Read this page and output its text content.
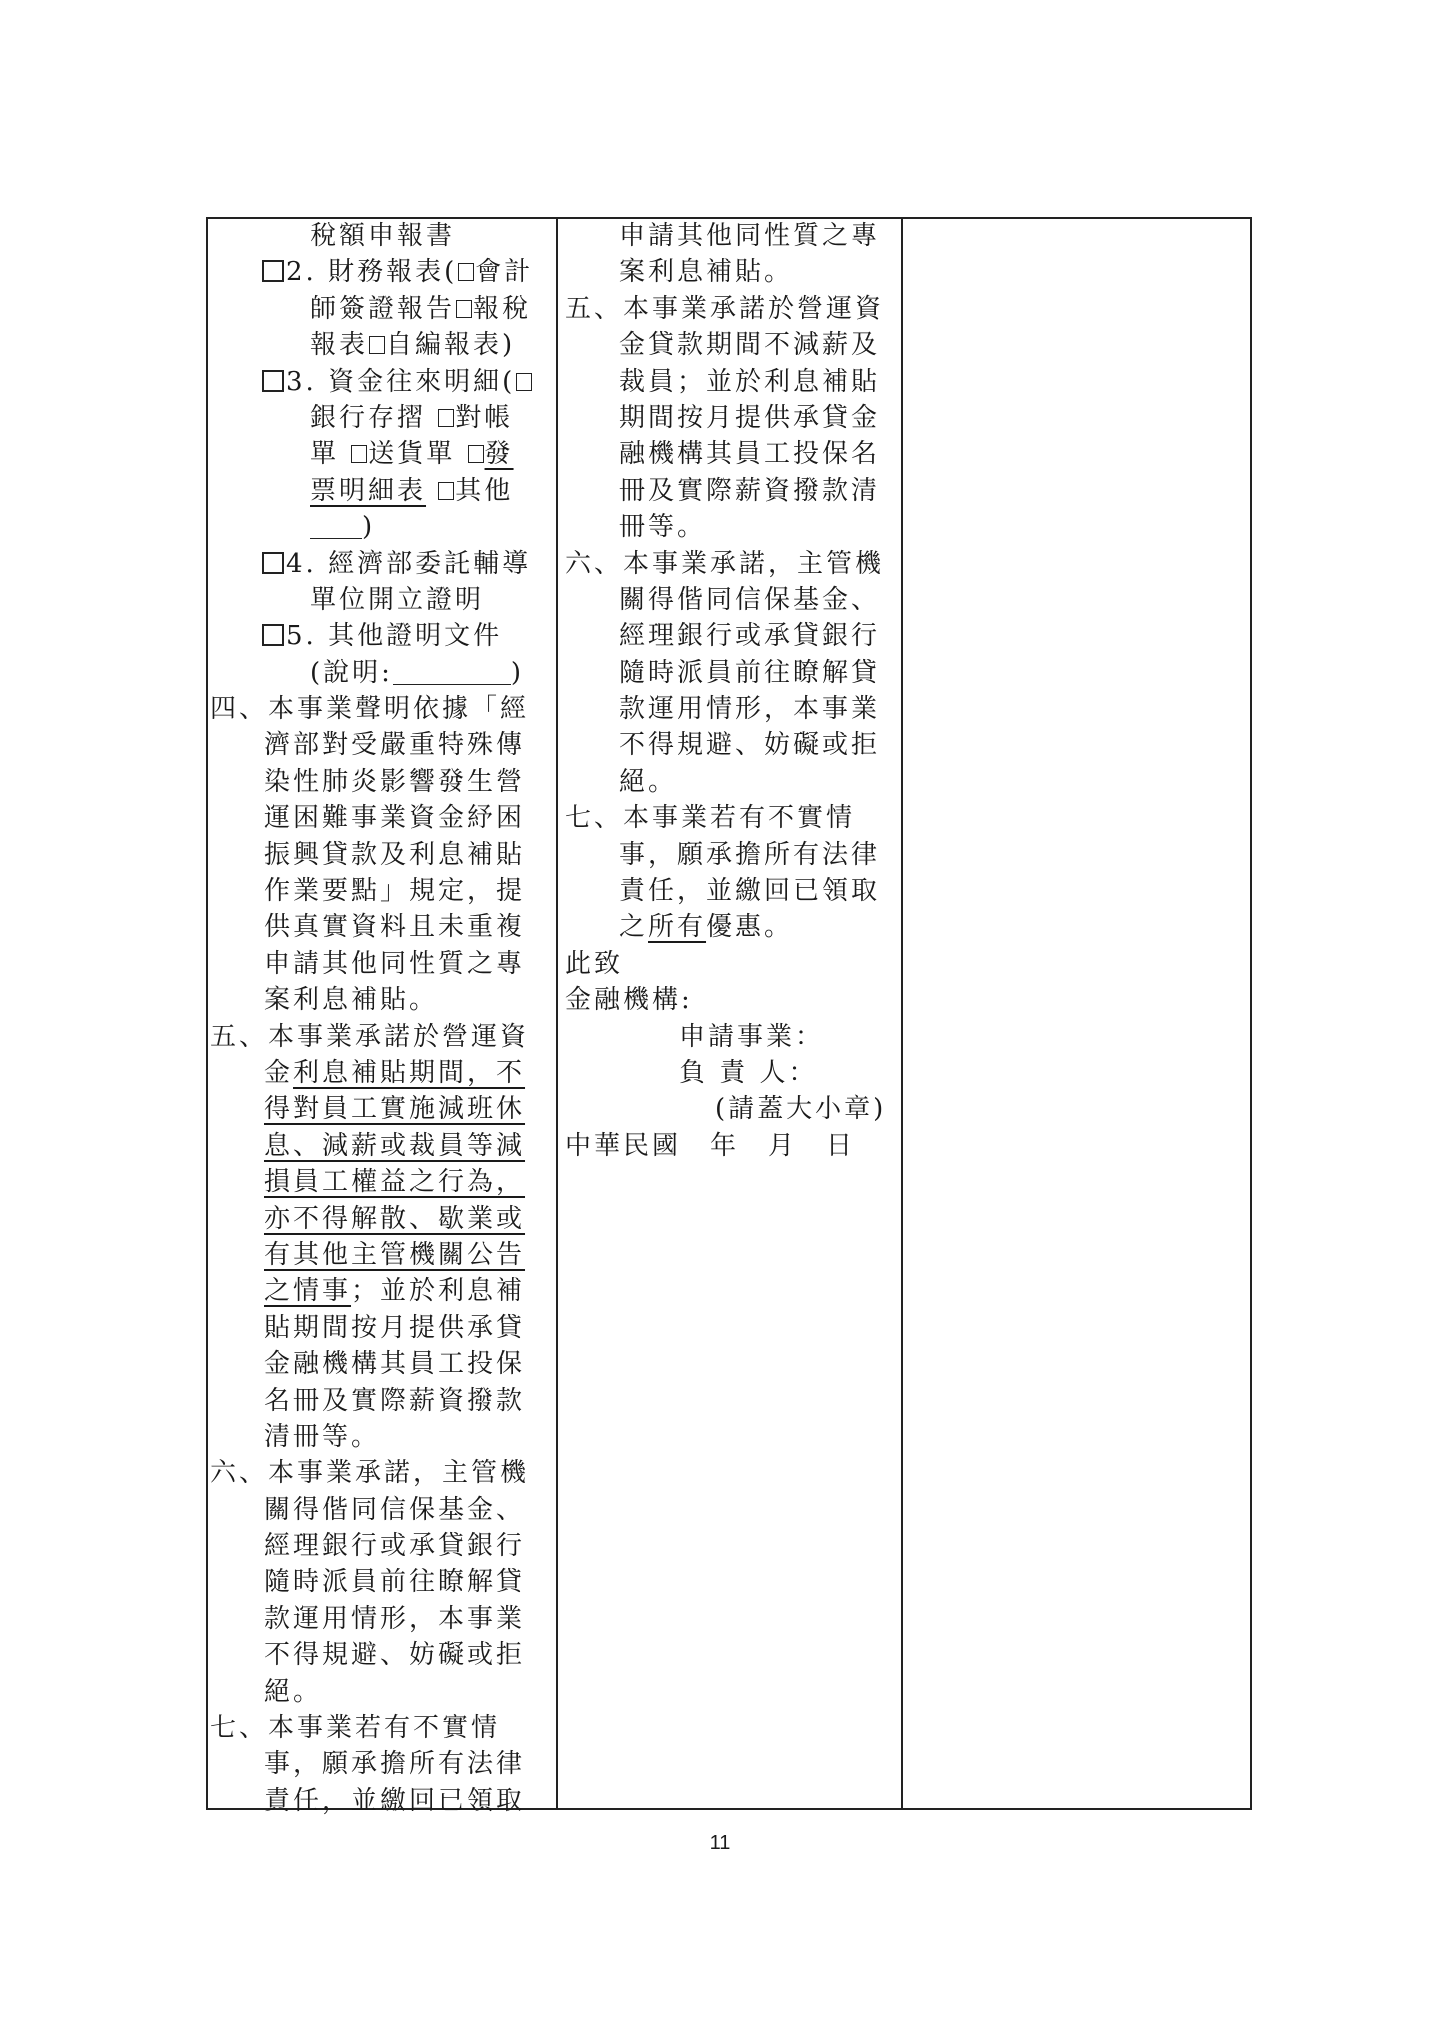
稅額申報書
2. 財務報表( 會計
師簽證報告 報稅
報表 自編報表)
3. 資金往來明細(
銀行存摺 對帳
單 送貨單 發
票明細表 其他
)
4. 經濟部委託輔導
單位開立證明
5. 其他證明文件
(說明:	)
四、本事業聲明依據「經
濟部對受嚴重特殊傳
染性肺炎影響發生營
運困難事業資金紓困
振興貸款及利息補貼
作業要點」規定，提
供真實資料且未重複
申請其他同性質之專
案利息補貼。
五、本事業承諾於營運資
金利息補貼期間，不
得對員工實施減班休
息、減薪或裁員等減
損員工權益之行為，
亦不得解散、歇業或
有其他主管機關公告
之情事；並於利息補
貼期間按月提供承貸
金融機構其員工投保
名冊及實際薪資撥款
清冊等。
六、本事業承諾，主管機
關得偕同信保基金、
經理銀行或承貸銀行
隨時派員前往瞭解貸
款運用情形，本事業
不得規避、妨礙或拒
絕。
七、本事業若有不實情
事，願承擔所有法律
責任，並繳回已領取
申請其他同性質之專
案利息補貼。
五、本事業承諾於營運資
金貸款期間不減薪及
裁員；並於利息補貼
期間按月提供承貸金
融機構其員工投保名
冊及實際薪資撥款清
冊等。
六、本事業承諾，主管機
關得偕同信保基金、
經理銀行或承貸銀行
隨時派員前往瞭解貸
款運用情形，本事業
不得規避、妨礙或拒
絕。
七、本事業若有不實情
事，願承擔所有法律
責任，並繳回已領取
之所有優惠。
此致
金融機構:
申請事業：
負 責 人：
(請蓋大小章)
中華民國　年　月　日
11
